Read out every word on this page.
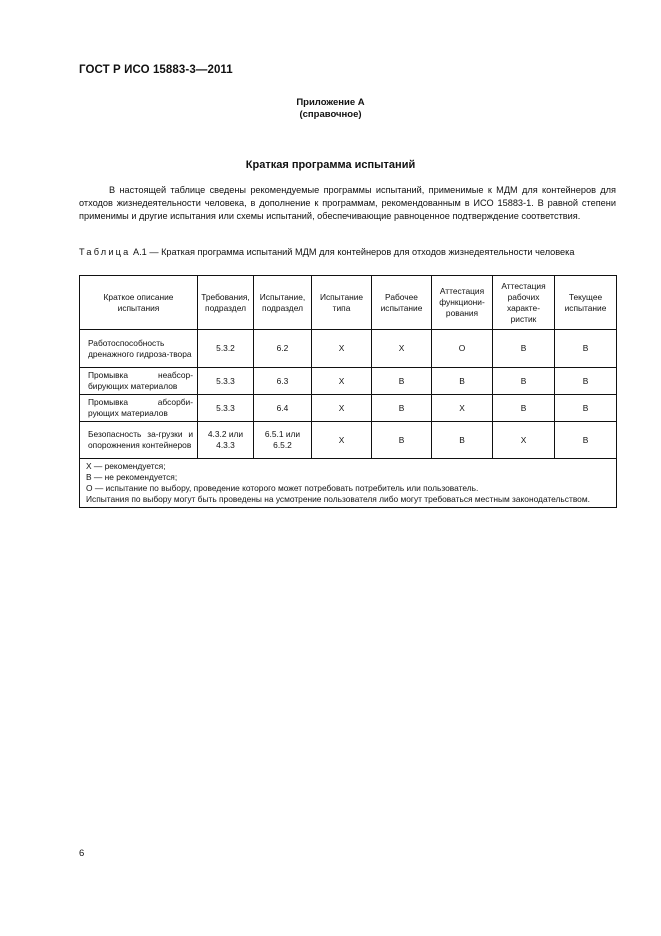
ГОСТ Р ИСО 15883-3—2011
Приложение А
(справочное)
Краткая программа испытаний

В настоящей таблице сведены рекомендуемые программы испытаний, применимые к МДМ для контейнеров для отходов жизнедеятельности человека, в дополнение к программам, рекомендованным в ИСО 15883-1. В равной степени применимы и другие испытания или схемы испытаний, обеспечивающие равноценное подтверждение соответствия.

Таблица А.1 — Краткая программа испытаний МДМ для контейнеров для отходов жизнедеятельности человека
Краткое описание испытания	Требования, подраздел	Испытание, подраздел	Испытание типа	Рабочее испытание	Аттестация функциони-рования	Аттестация рабочих характе-ристик	Текущее испытание
Работоспособность дренажного гидроза-твора	5.3.2	6.2	X	X	O	B	B
Промывка неабсор-бирующих материалов	5.3.3	6.3	X	B	B	B	B
Промывка абсорби-рующих материалов	5.3.3	6.4	X	B	X	B	B
Безопасность за-грузки и опорожнения контейнеров	4.3.2 или 4.3.3	6.5.1 или 6.5.2	X	B	B	X	B

Х — рекомендуется;
В — не рекомендуется;
О — испытание по выбору, проведение которого может потребовать потребитель или пользователь.
Испытания по выбору могут быть проведены на усмотрение пользователя либо могут требоваться местным законодательством.							
6
